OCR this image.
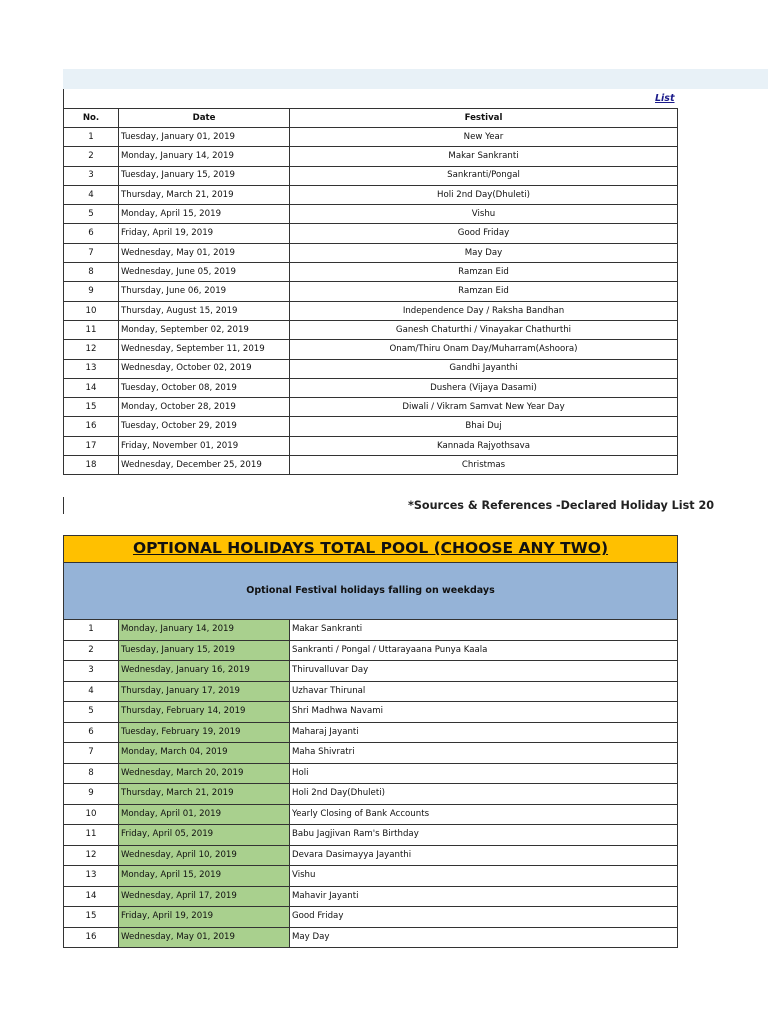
List
No.	Date	Festival
1	Tuesday, January 01, 2019	New Year
2	Monday, January 14, 2019	Makar Sankranti
3	Tuesday, January 15, 2019	Sankranti/Pongal
4	Thursday, March 21, 2019	Holi 2nd Day(Dhuleti)
5	Monday, April 15, 2019	Vishu
6	Friday, April 19, 2019	Good Friday
7	Wednesday, May 01, 2019	May Day
8	Wednesday, June 05, 2019	Ramzan Eid
9	Thursday, June 06, 2019	Ramzan Eid
10	Thursday, August 15, 2019	Independence Day / Raksha Bandhan
11	Monday, September 02, 2019	Ganesh Chaturthi / Vinayakar Chathurthi
12	Wednesday, September 11, 2019	Onam/Thiru Onam Day/Muharram(Ashoora)
13	Wednesday, October 02, 2019	Gandhi Jayanthi
14	Tuesday, October 08, 2019	Dushera (Vijaya Dasami)
15	Monday, October 28, 2019	Diwali / Vikram Samvat New Year Day
16	Tuesday, October 29, 2019	Bhai Duj
17	Friday, November 01, 2019	Kannada Rajyothsava
18	Wednesday, December 25, 2019	Christmas
*Sources & References -Declared Holiday List 20
OPTIONAL HOLIDAYS TOTAL POOL (CHOOSE ANY TWO)		
Optional Festival holidays falling on weekdays		
1	Monday, January 14, 2019	Makar Sankranti
2	Tuesday, January 15, 2019	Sankranti / Pongal / Uttarayaana Punya Kaala
3	Wednesday, January 16, 2019	Thiruvalluvar Day
4	Thursday, January 17, 2019	Uzhavar Thirunal
5	Thursday, February 14, 2019	Shri Madhwa Navami
6	Tuesday, February 19, 2019	Maharaj Jayanti
7	Monday, March 04, 2019	Maha Shivratri
8	Wednesday, March 20, 2019	Holi
9	Thursday, March 21, 2019	Holi 2nd Day(Dhuleti)
10	Monday, April 01, 2019	Yearly Closing of Bank Accounts
11	Friday, April 05, 2019	Babu Jagjivan Ram's Birthday
12	Wednesday, April 10, 2019	Devara Dasimayya Jayanthi
13	Monday, April 15, 2019	Vishu
14	Wednesday, April 17, 2019	Mahavir Jayanti
15	Friday, April 19, 2019	Good Friday
16	Wednesday, May 01, 2019	May Day
